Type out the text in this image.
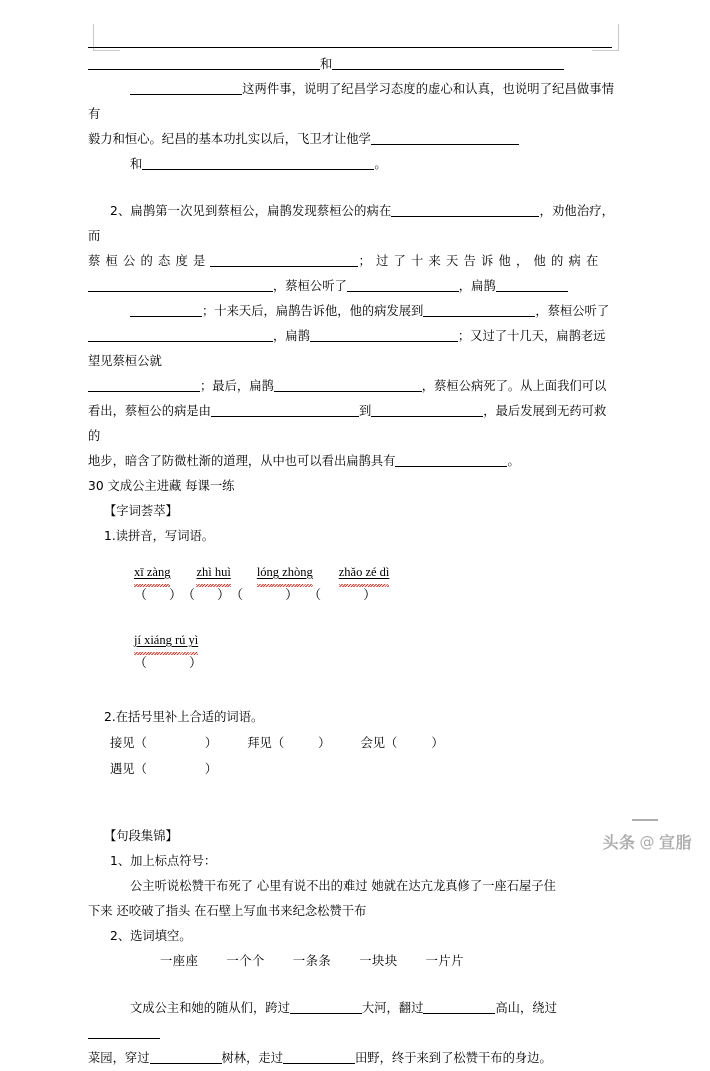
和
这两件事，说明了纪昌学习态度的虚心和认真，也说明了纪昌做事情有
毅力和恒心。纪昌的基本功扎实以后，飞卫才让他学
和	。
2、扁鹊第一次见到蔡桓公，扁鹊发现蔡桓公的病在	，劝他治疗，而
蔡桓公的态度是	；过了十来天告诉他，他的病在
，蔡桓公听了	，扁鹊
；十来天后，扁鹊告诉他，他的病发展到	，蔡桓公听了
，扁鹊	；又过了十几天，扁鹊老远望见蔡桓公就
；最后，扁鹊	，蔡桓公病死了。从上面我们可以
看出，蔡桓公的病是由	到	，最后发展到无药可救的
地步，暗含了防微杜渐的道理，从中也可以看出扁鹊具有	。
30 文成公主进藏 每课一练
【字词荟萃】
1.读拼音，写词语。
xī zàng zhì huì lóng zhòng zhǎo zé dì
（ ）（ ）（	） （	）
jí xiáng rú yì
（	）
2.在括号里补上合适的词语。
接见（	） 拜见（	） 会见（	）
遇见（	）
【句段集锦】
1、加上标点符号：
公主听说松赞干布死了 心里有说不出的难过 她就在达亢龙真修了一座石屋子住
下来 还咬破了指头 在石壁上写血书来纪念松赞干布
2、选词填空。
一座座 一个个 一条条 一块块 一片片
文成公主和她的随从们，跨过	大河，翻过	高山，绕过
菜园，穿过	树林，走过	田野，终于来到了松赞干布的身边。
头条 @ 宣脂
